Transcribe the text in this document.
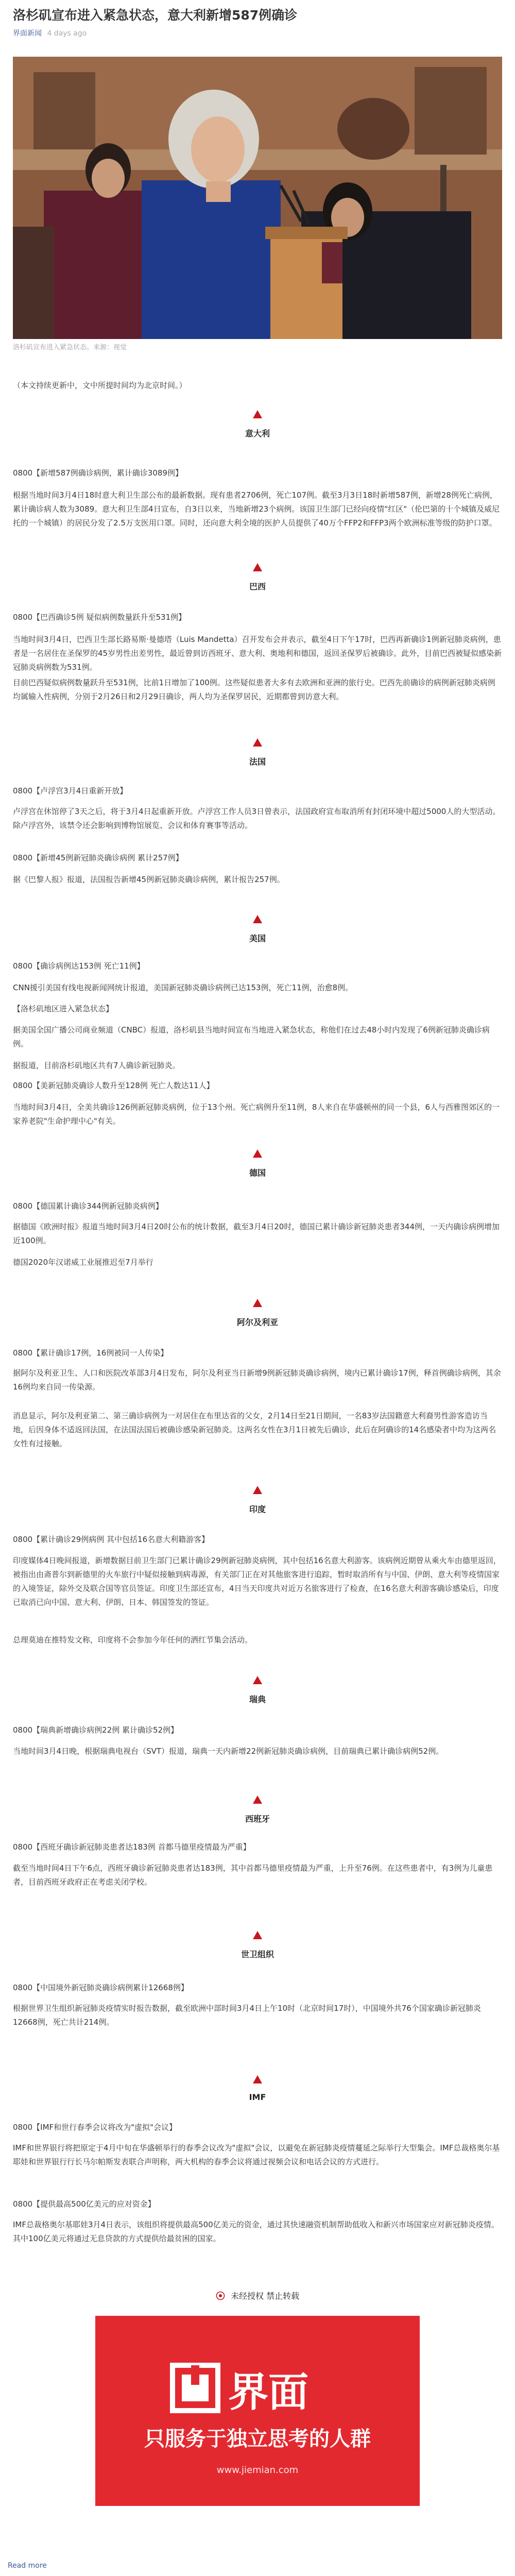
洛杉矶宣布进入紧急状态，意大利新增587例确诊
界面新闻 4 days ago
洛杉矶宣布进入紧急状态。来源：视觉

（本文持续更新中，文中所提时间均为北京时间。）

意大利

0800【新增587例确诊病例，累计确诊3089例】

根据当地时间3月4日18时意大利卫生部公布的最新数据。现有患者2706例，死亡107例。截至3月3日18时新增587例，新增28例死亡病例，累计确诊病人数为3089。意大利卫生部4日宣布，自3日以来，当地新增23个病例。该国卫生部门已经向疫情"红区"（伦巴第的十个城镇及威尼托的一个城镇）的居民分发了2.5万支医用口罩。同时，还向意大利全境的医护人员提供了40万个FFP2和FFP3两个欧洲标准等级的防护口罩。

巴西

0800【巴西确诊5例 疑似病例数量跃升至531例】

当地时间3月4日，巴西卫生部长路易斯·曼德塔（Luis Mandetta）召开发布会并表示，截至4日下午17时，巴西再新确诊1例新冠肺炎病例，患者是一名居住在圣保罗的45岁男性出差男性，最近曾到访西班牙、意大利、奥地利和德国，返回圣保罗后被确诊。此外，目前巴西被疑似感染新冠肺炎病例数为531例。

目前巴西疑似病例数量跃升至531例，比前1日增加了100例。这些疑似患者大多有去欧洲和亚洲的旅行史。巴西先前确诊的病例新冠肺炎病例均属输入性病例，分别于2月26日和2月29日确诊，两人均为圣保罗居民，近期都曾到访意大利。

法国

0800【卢浮宫3月4日重新开放】

卢浮宫在休馆停了3天之后，将于3月4日起重新开放。卢浮宫工作人员3日曾表示，法国政府宣布取消所有封闭环境中超过5000人的大型活动。除卢浮宫外，该禁令还会影响到博物馆展览、会议和体育赛事等活动。

0800【新增45例新冠肺炎确诊病例 累计257例】

据《巴黎人报》报道，法国报告新增45例新冠肺炎确诊病例，累计报告257例。

美国

0800【确诊病例达153例 死亡11例】

CNN援引美国有线电视新闻网统计报道，美国新冠肺炎确诊病例已达153例，死亡11例，治愈8例。

【洛杉矶地区进入紧急状态】

据美国全国广播公司商业频道（CNBC）报道，洛杉矶县当地时间宣布当地进入紧急状态，称他们在过去48小时内发现了6例新冠肺炎确诊病例。

据报道，目前洛杉矶地区共有7人确诊新冠肺炎。

0800【美新冠肺炎确诊人数升至128例 死亡人数达11人】

当地时间3月4日，全美共确诊126例新冠肺炎病例，位于13个州。死亡病例升至11例，8人来自在华盛顿州的同一个县，6人与西雅图郊区的一家养老院"生命护理中心"有关。

德国

0800【德国累计确诊344例新冠肺炎病例】

据德国《欧洲时报》报道当地时间3月4日20时公布的统计数据，截至3月4日20时，德国已累计确诊新冠肺炎患者344例，一天内确诊病例增加近100例。

德国2020年汉诺威工业展推迟至7月举行

阿尔及利亚

0800【累计确诊17例，16例被同一人传染】

据阿尔及利亚卫生、人口和医院改革部3月4日发布，阿尔及利亚当日新增9例新冠肺炎确诊病例，境内已累计确诊17例，释首例确诊病例，其余16例均来自同一传染源。

消息显示，阿尔及利亚第二、第三确诊病例为一对居住在布里达省的父女，2月14日至21日期间，一名83岁法国籍意大利裔男性游客造访当地，后因身体不适返回法国，在法国法国后被确诊感染新冠肺炎。这两名女性在3月1日被先后确诊，此后在阿确诊的14名感染者中均为这两名女性有过接触。

印度

0800【累计确诊29例病例 其中包括16名意大利籍游客】

印度媒体4日晚间报道，新增数据目前卫生部门已累计确诊29例新冠肺炎病例，其中包括16名意大利游客。该病例近期曾从乘火车由德里返回，被指出由斋普尔到新德里的火车旅行中疑似接触到病毒源，有关部门正在对其他旅客进行追踪，暂时取消所有与中国、伊朗、意大利等疫情国家的入境签证，除外交及联合国等官员签证。印度卫生部还宣布，4日当天印度共对近万名旅客进行了检查，在16名意大利游客确诊感染后，印度已取消已向中国、意大利、伊朗、日本、韩国签发的签证。

总理莫迪在推特发文称，印度将不会参加今年任何的洒红节集会活动。

瑞典

0800【瑞典新增确诊病例22例 累计确诊52例】

当地时间3月4日晚，根据瑞典电视台（SVT）报道，瑞典一天内新增22例新冠肺炎确诊病例，目前瑞典已累计确诊病例52例。

西班牙

0800【西班牙确诊新冠肺炎患者达183例 首都马德里疫情最为严重】

截至当地时间4日下午6点，西班牙确诊新冠肺炎患者达183例，其中首都马德里疫情最为严重，上升至76例。在这些患者中，有3例为儿童患者，目前西班牙政府正在考虑关闭学校。

世卫组织

0800【中国境外新冠肺炎确诊病例累计12668例】

根据世界卫生组织新冠肺炎疫情实时报告数据，截至欧洲中部时间3月4日上午10时（北京时间17时），中国境外共76个国家确诊新冠肺炎12668例，死亡共计214例。

IMF

0800【IMF和世行春季会议将改为"虚拟"会议】

IMF和世界银行将把原定于4月中旬在华盛顿举行的春季会议改为"虚拟"会议，以避免在新冠肺炎疫情蔓延之际举行大型集会。IMF总裁格奥尔基耶娃和世界银行行长马尔帕斯发表联合声明称，两大机构的春季会议将通过视频会议和电话会议的方式进行。

0800【提供最高500亿美元的应对资金】

IMF总裁格奥尔基耶娃3月4日表示，该组织将提供最高500亿美元的资金，通过其快速融资机制帮助低收入和新兴市场国家应对新冠肺炎疫情。其中100亿美元将通过无息贷款的方式提供给最贫困的国家。

未经授权 禁止转载
界面
只服务于独立思考的人群
www.jiemian.com
Read more
